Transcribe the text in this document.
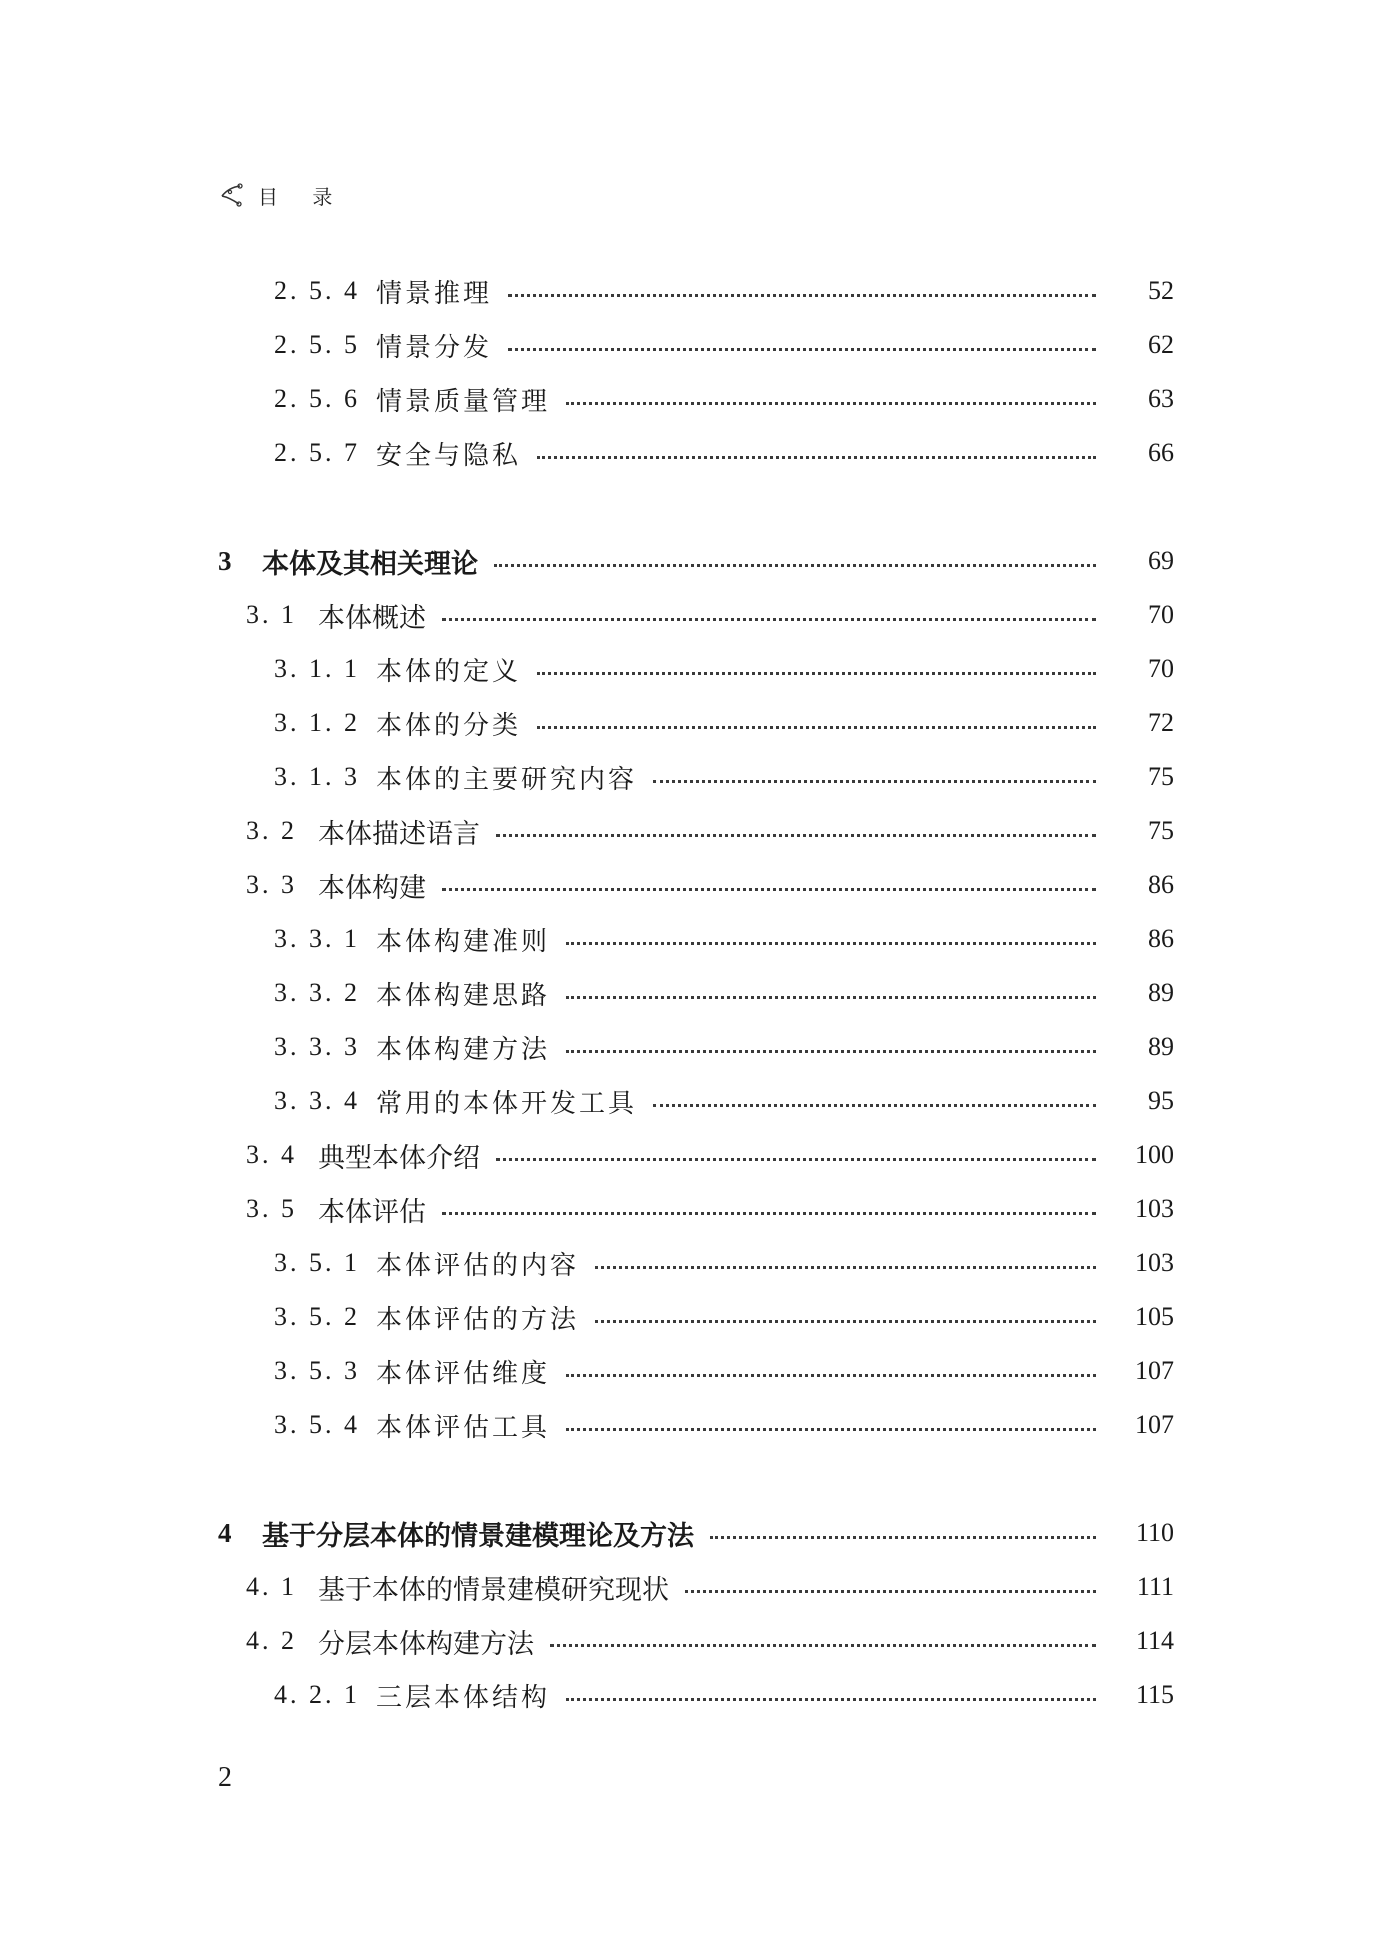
目 录
2. 5. 4 情景推理	52
2. 5. 5 情景分发	62
2. 5. 6 情景质量管理	63
2. 5. 7 安全与隐私	66
3	本体及其相关理论	69
3. 1 本体概述	70
3. 1. 1 本体的定义	70
3. 1. 2 本体的分类	72
3. 1. 3 本体的主要研究内容	75
3. 2 本体描述语言	75
3. 3 本体构建	86
3. 3. 1 本体构建准则	86
3. 3. 2 本体构建思路	89
3. 3. 3 本体构建方法	89
3. 3. 4 常用的本体开发工具	95
3. 4 典型本体介绍	100
3. 5 本体评估	103
3. 5. 1 本体评估的内容	103
3. 5. 2 本体评估的方法	105
3. 5. 3 本体评估维度	107
3. 5. 4 本体评估工具	107
4	基于分层本体的情景建模理论及方法	110
4. 1 基于本体的情景建模研究现状	111
4. 2 分层本体构建方法	114
4. 2. 1 三层本体结构	115
2
